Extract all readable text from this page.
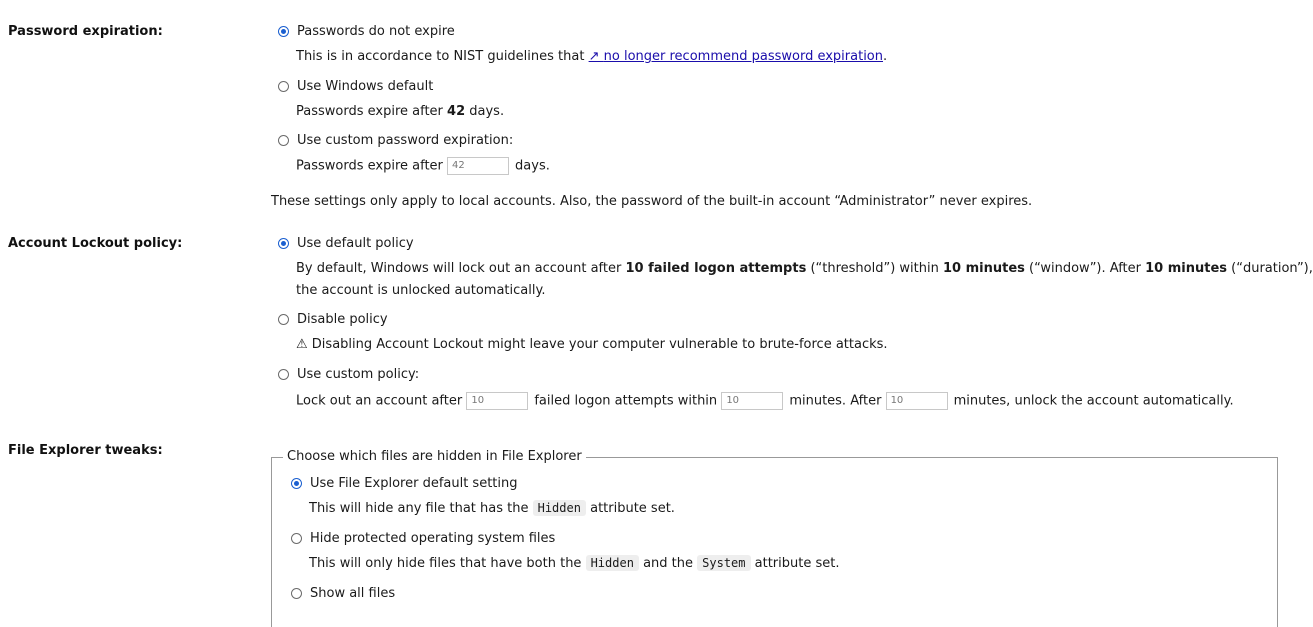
Password expiration:	Passwords do not expire
This is in accordance to NIST guidelines that ↗ no longer recommend password expiration.
Use Windows default
Passwords expire after 42 days.
Use custom password expiration:
Passwords expire after 42	days.
These settings only apply to local accounts. Also, the password of the built-in account “Administrator” never expires.
Account Lockout policy:	Use default policy
By default, Windows will lock out an account after 10 failed logon attempts (“threshold”) within 10 minutes (“window”). After 10 minutes (“duration”),
the account is unlocked automatically.
Disable policy
⚠ Disabling Account Lockout might leave your computer vulnerable to brute-force attacks.
Use custom policy:
Lock out an account after 10	failed logon attempts within 10	minutes. After 10	minutes, unlock the account automatically.
File Explorer tweaks:	Choose which files are hidden in File Explorer
Use File Explorer default setting
This will hide any file that has the Hidden attribute set.
Hide protected operating system files
This will only hide files that have both the Hidden and the System attribute set.
Show all files
